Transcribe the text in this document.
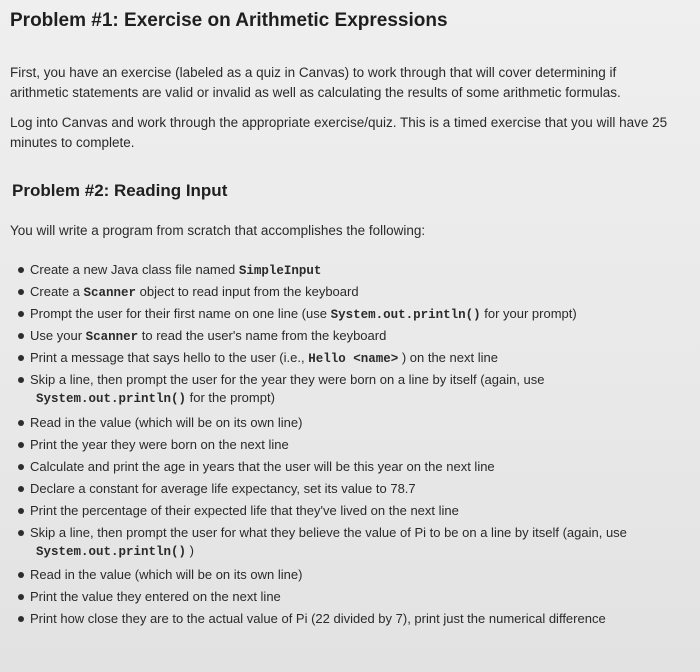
Problem #1: Exercise on Arithmetic Expressions
First, you have an exercise (labeled as a quiz in Canvas) to work through that will cover determining if
arithmetic statements are valid or invalid as well as calculating the results of some arithmetic formulas.
Log into Canvas and work through the appropriate exercise/quiz. This is a timed exercise that you will have 25
minutes to complete.
Problem #2: Reading Input
You will write a program from scratch that accomplishes the following:
Create a new Java class file named SimpleInput
Create a Scanner object to read input from the keyboard
Prompt the user for their first name on one line (use System.out.println() for your prompt)
Use your Scanner to read the user's name from the keyboard
Print a message that says hello to the user (i.e., Hello <name> ) on the next line
Skip a line, then prompt the user for the year they were born on a line by itself (again, use
System.out.println() for the prompt)
Read in the value (which will be on its own line)
Print the year they were born on the next line
Calculate and print the age in years that the user will be this year on the next line
Declare a constant for average life expectancy, set its value to 78.7
Print the percentage of their expected life that they've lived on the next line
Skip a line, then prompt the user for what they believe the value of Pi to be on a line by itself (again, use
System.out.println() )
Read in the value (which will be on its own line)
Print the value they entered on the next line
Print how close they are to the actual value of Pi (22 divided by 7), print just the numerical difference
